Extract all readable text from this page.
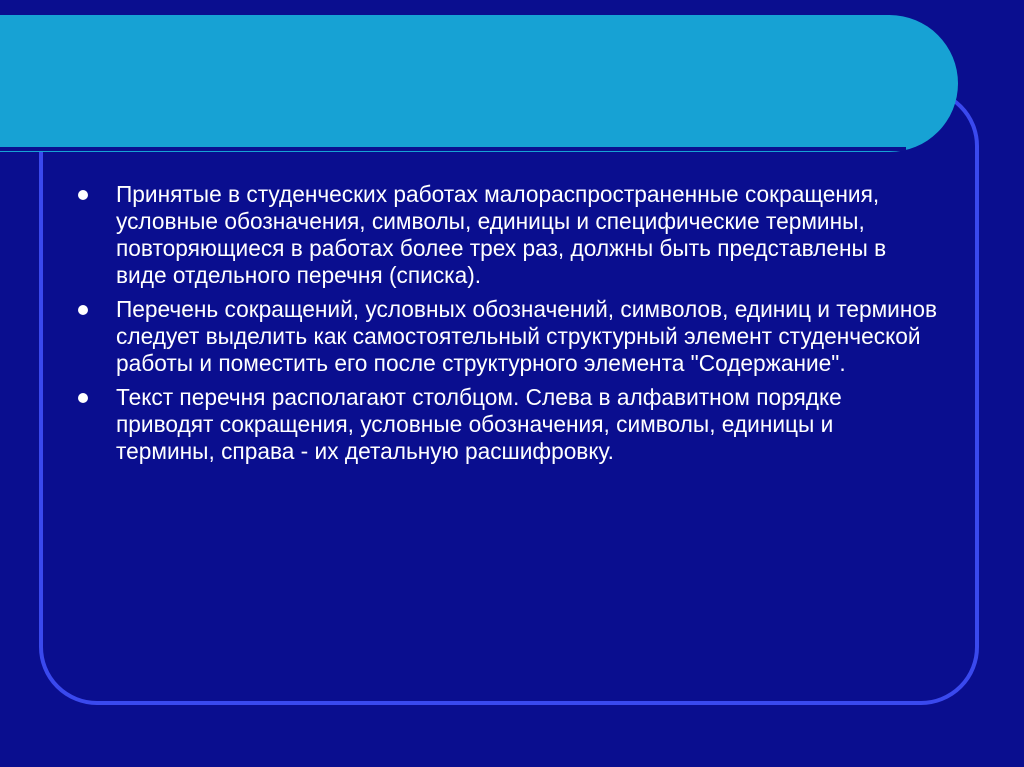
Принятые в студенческих работах малораспространенные сокращения, условные обозначения, символы, единицы и специфические термины, повторяющиеся в работах более трех раз, должны быть представлены в виде отдельного перечня (списка).
Перечень сокращений, условных обозначений, символов, единиц и терминов следует выделить как самостоятельный структурный элемент студенческой работы и поместить его после структурного элемента "Содержание".
Текст перечня располагают столбцом. Слева в алфавитном порядке приводят сокращения, условные обозначения, символы, единицы и термины, справа - их детальную расшифровку.
